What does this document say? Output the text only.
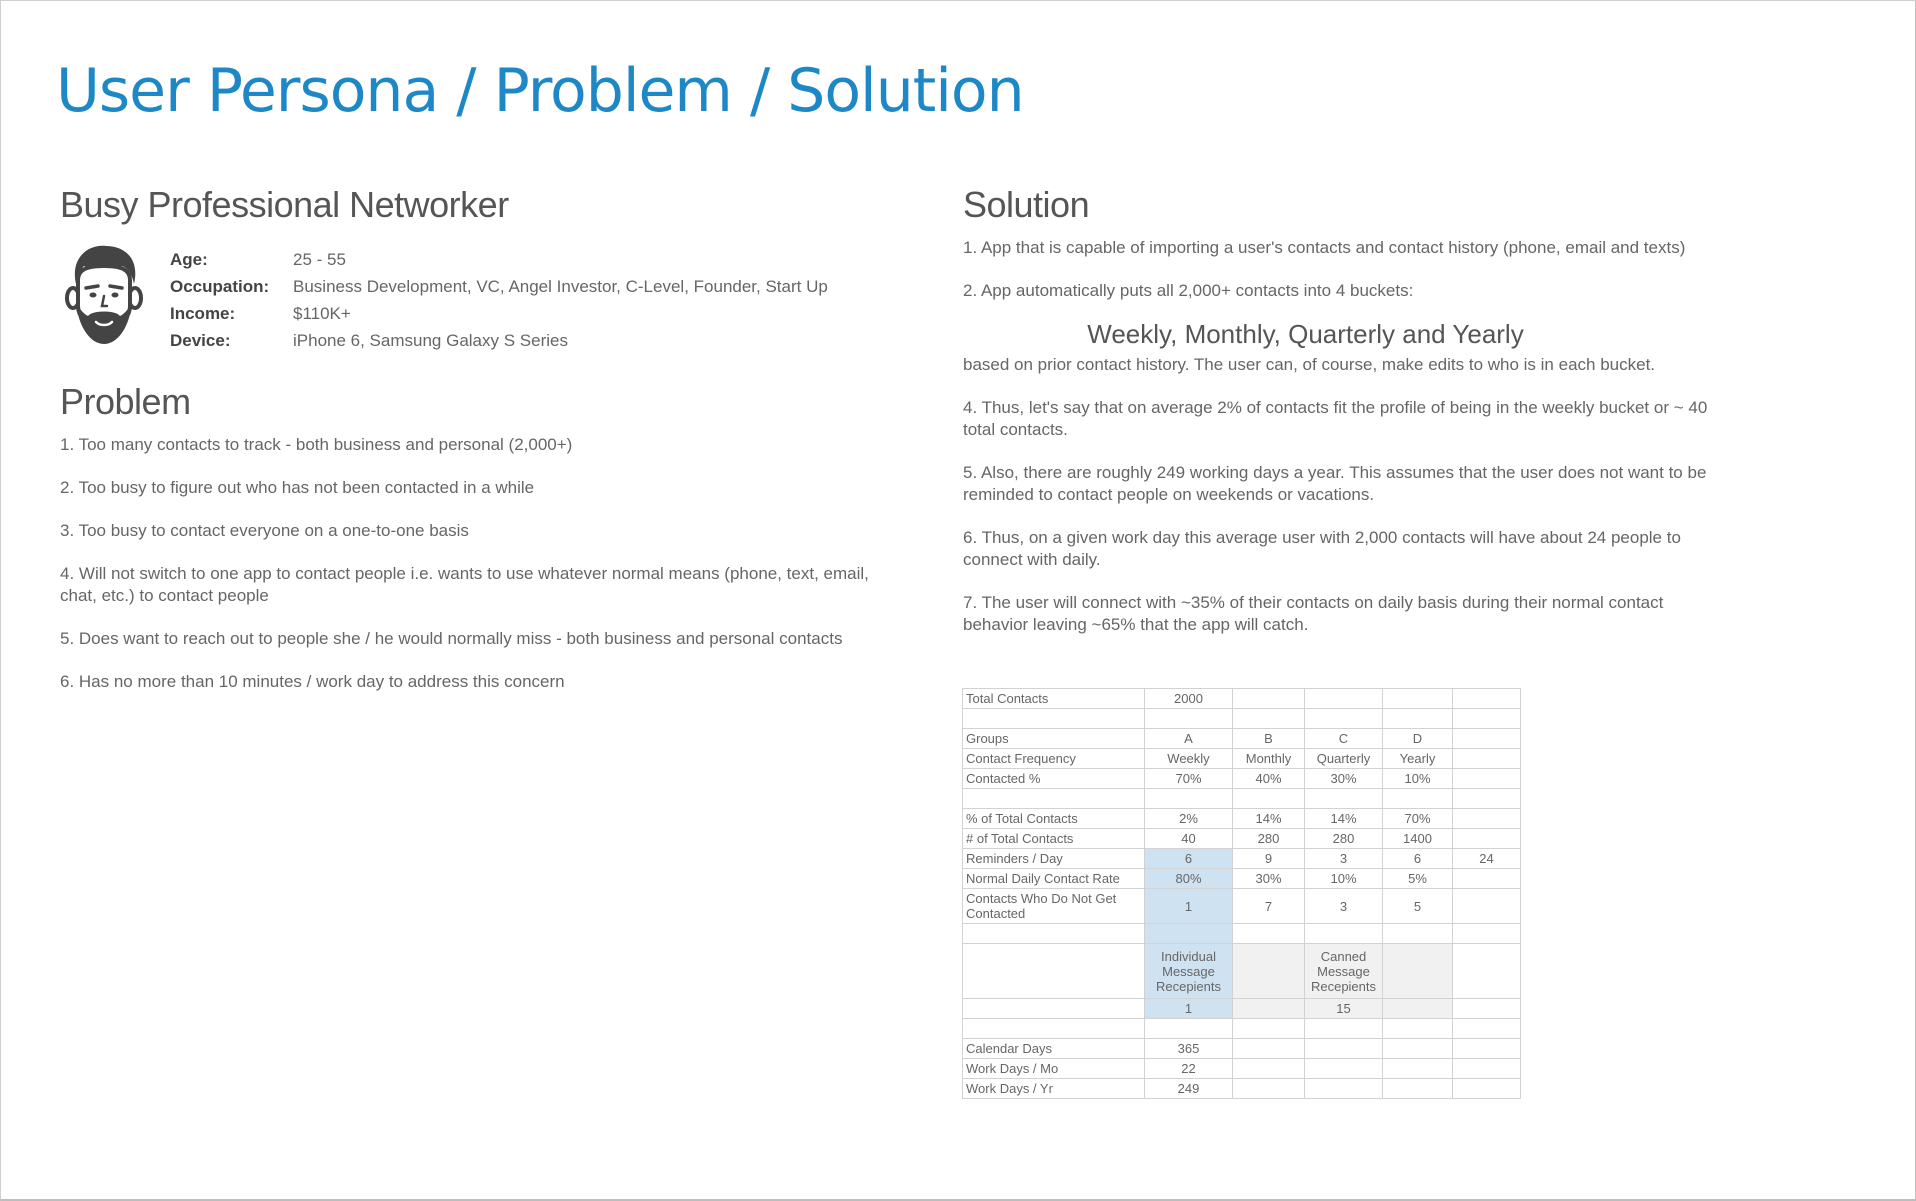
User Persona / Problem / Solution
Busy Professional Networker
Age:	25 - 55
Occupation:	Business Development, VC, Angel Investor, C-Level, Founder, Start Up
Income:	$110K+
Device:	iPhone 6, Samsung Galaxy S Series
Problem
1. Too many contacts to track - both business and personal (2,000+)
2. Too busy to figure out who has not been contacted in a while
3. Too busy to contact everyone on a one-to-one basis
4. Will not switch to one app to contact people i.e. wants to use whatever normal means (phone, text, email, chat, etc.) to contact people
5. Does want to reach out to people she / he would normally miss - both business and personal contacts
6. Has no more than 10 minutes / work day to address this concern
Solution
1. App that is capable of importing a user's contacts and contact history (phone, email and texts)
2. App automatically puts all 2,000+ contacts into 4 buckets:
Weekly, Monthly, Quarterly and Yearly
based on prior contact history. The user can, of course, make edits to who is in each bucket.
4. Thus, let's say that on average 2% of contacts fit the profile of being in the weekly bucket or ~ 40 total contacts.
5. Also, there are roughly 249 working days a year. This assumes that the user does not want to be reminded to contact people on weekends or vacations.
6. Thus, on a given work day this average user with 2,000 contacts will have about 24 people to connect with daily.
7. The user will connect with ~35% of their contacts on daily basis during their normal contact behavior leaving ~65% that the app will catch.
Total Contacts	2000				

Groups	A	B	C	D	
Contact Frequency	Weekly	Monthly	Quarterly	Yearly	
Contacted %	70%	40%	30%	10%	

% of Total Contacts	2%	14%	14%	70%	
# of Total Contacts	40	280	280	1400	
Reminders / Day	6	9	3	6	24
Normal Daily Contact Rate	80%	30%	10%	5%	
Contacts Who Do Not Get Contacted	1	7	3	5	

	Individual Message Recepients		Canned Message Recepients		
	1		15		

Calendar Days	365				
Work Days / Mo	22				
Work Days / Yr	249				
